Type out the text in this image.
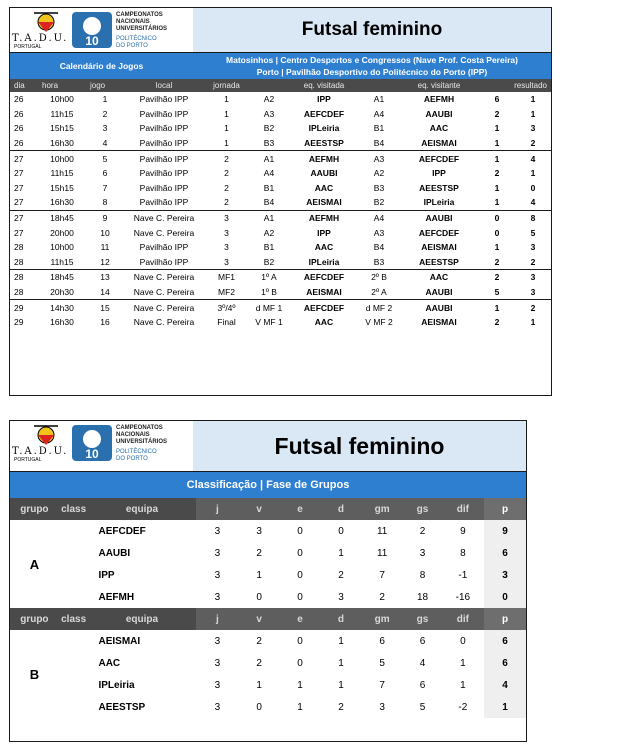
T.A.D.U.
PORTUGAL	10
CAMPEONATOS
NACIONAIS
UNIVERSITÁRIOS
POLITÉCNICO
DO PORTO
Futsal feminino
Calendário de Jogos
Matosinhos | Centro Desportos e Congressos (Nave Prof. Costa Pereira)
Porto | Pavilhão Desportivo do Politécnico do Porto (IPP)
dia	hora	jogo	local	jornada		eq. visitada		eq. visitante	resultado	
26	10h00	1	Pavilhão IPP	1	A2	IPP	A1	AEFMH	6	1
26	11h15	2	Pavilhão IPP	1	A3	AEFCDEF	A4	AAUBI	2	1
26	15h15	3	Pavilhão IPP	1	B2	IPLeiria	B1	AAC	1	3
26	16h30	4	Pavilhão IPP	1	B3	AEESTSP	B4	AEISMAI	1	2
27	10h00	5	Pavilhão IPP	2	A1	AEFMH	A3	AEFCDEF	1	4
27	11h15	6	Pavilhão IPP	2	A4	AAUBI	A2	IPP	2	1
27	15h15	7	Pavilhão IPP	2	B1	AAC	B3	AEESTSP	1	0
27	16h30	8	Pavilhão IPP	2	B4	AEISMAI	B2	IPLeiria	1	4
27	18h45	9	Nave C. Pereira	3	A1	AEFMH	A4	AAUBI	0	8
27	20h00	10	Nave C. Pereira	3	A2	IPP	A3	AEFCDEF	0	5
28	10h00	11	Pavilhão IPP	3	B1	AAC	B4	AEISMAI	1	3
28	11h15	12	Pavilhão IPP	3	B2	IPLeiria	B3	AEESTSP	2	2
28	18h45	13	Nave C. Pereira	MF1	1º A	AEFCDEF	2º B	AAC	2	3
28	20h30	14	Nave C. Pereira	MF2	1º B	AEISMAI	2º A	AAUBI	5	3
29	14h30	15	Nave C. Pereira	3º/4º	d MF 1	AEFCDEF	d MF 2	AAUBI	1	2
29	16h30	16	Nave C. Pereira	Final	V MF 1	AAC	V MF 2	AEISMAI	2	1
T.A.D.U.
PORTUGAL	10
CAMPEONATOS
NACIONAIS
UNIVERSITÁRIOS
POLITÉCNICO
DO PORTO
Futsal feminino
Classificação | Fase de Grupos
grupo	class	equipa	j	v	e	d	gm	gs	dif	p
A		AEFCDEF	3	3	0	0	11	2	9	9
		AAUBI	3	2	0	1	11	3	8	6
		IPP	3	1	0	2	7	8	-1	3
		AEFMH	3	0	0	3	2	18	-16	0
grupo	class	equipa	j	v	e	d	gm	gs	dif	p
B		AEISMAI	3	2	0	1	6	6	0	6
		AAC	3	2	0	1	5	4	1	6
		IPLeiria	3	1	1	1	7	6	1	4
		AEESTSP	3	0	1	2	3	5	-2	1
